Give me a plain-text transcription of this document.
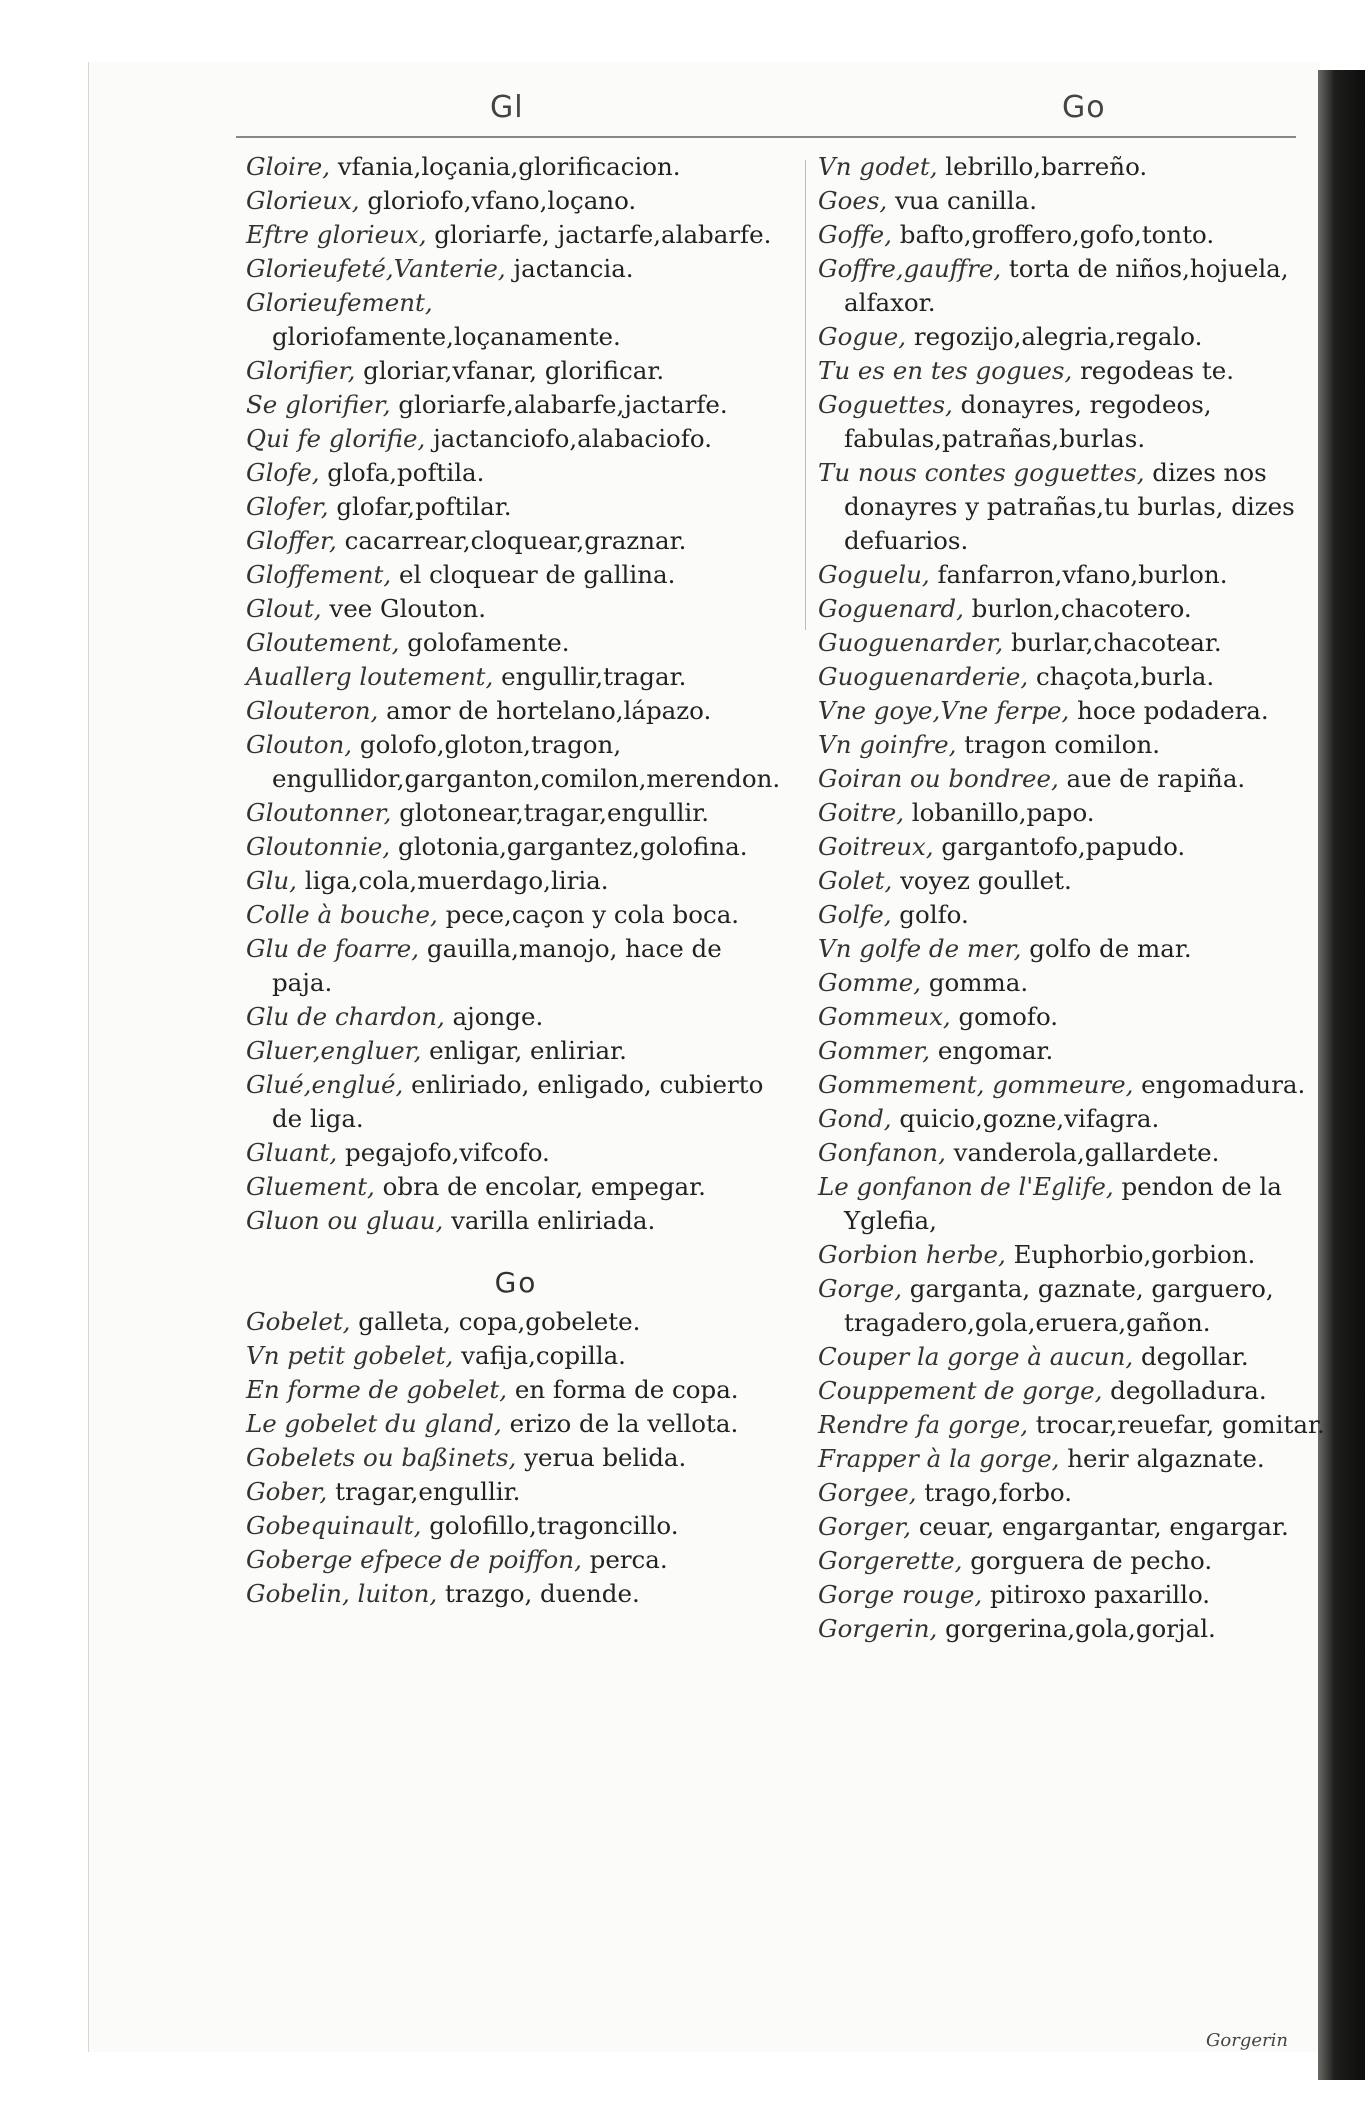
Gl	Go

Gloire, vfania,loçania,glorificacion.

Glorieux, gloriofo,vfano,loçano.

Eftre glorieux, gloriarfe, jactarfe,alabarfe.

Glorieufeté,Vanterie, jactancia.

Glorieufement, gloriofamente,loçanamente.

Glorifier, gloriar,vfanar, glorificar.

Se glorifier, gloriarfe,alabarfe,jactarfe.

Qui fe glorifie, jactanciofo,alabaciofo.

Glofe, glofa,poftila.

Glofer, glofar,poftilar.

Gloffer, cacarrear,cloquear,graznar.

Gloffement, el cloquear de gallina.

Glout, vee Glouton.

Gloutement, golofamente.

Auallerg loutement, engullir,tragar.

Glouteron, amor de hortelano,lápazo.

Glouton, golofo,gloton,tragon, engullidor,garganton,comilon,merendon.

Gloutonner, glotonear,tragar,engullir.

Gloutonnie, glotonia,gargantez,golofina.

Glu, liga,cola,muerdago,liria.

Colle à bouche, pece,caçon y cola boca.

Glu de foarre, gauilla,manojo, hace de paja.

Glu de chardon, ajonge.

Gluer,engluer, enligar, enliriar.

Glué,englué, enliriado, enligado, cubierto de liga.

Gluant, pegajofo,vifcofo.

Gluement, obra de encolar, empegar.

Gluon ou gluau, varilla enliriada.

Go

Gobelet, galleta, copa,gobelete.

Vn petit gobelet, vafija,copilla.

En forme de gobelet, en forma de copa.

Le gobelet du gland, erizo de la vellota.

Gobelets ou baßinets, yerua belida.

Gober, tragar,engullir.

Gobequinault, golofillo,tragoncillo.

Goberge efpece de poiffon, perca.

Gobelin, luiton, trazgo, duende.

Vn godet, lebrillo,barreño.

Goes, vua canilla.

Goffe, bafto,groffero,gofo,tonto.

Goffre,gauffre, torta de niños,hojuela, alfaxor.

Gogue, regozijo,alegria,regalo.

Tu es en tes gogues, regodeas te.

Goguettes, donayres, regodeos, fabulas,patrañas,burlas.

Tu nous contes goguettes, dizes nos donayres y patrañas,tu burlas, dizes defuarios.

Goguelu, fanfarron,vfano,burlon.

Goguenard, burlon,chacotero.

Guoguenarder, burlar,chacotear.

Guoguenarderie, chaçota,burla.

Vne goye,Vne ferpe, hoce podadera.

Vn goinfre, tragon comilon.

Goiran ou bondree, aue de rapiña.

Goitre, lobanillo,papo.

Goitreux, gargantofo,papudo.

Golet, voyez goullet.

Golfe, golfo.

Vn golfe de mer, golfo de mar.

Gomme, gomma.

Gommeux, gomofo.

Gommer, engomar.

Gommement, gommeure, engomadura.

Gond, quicio,gozne,vifagra.

Gonfanon, vanderola,gallardete.

Le gonfanon de l'Eglife, pendon de la Yglefia,

Gorbion herbe, Euphorbio,gorbion.

Gorge, garganta, gaznate, garguero, tragadero,gola,eruera,gañon.

Couper la gorge à aucun, degollar.

Couppement de gorge, degolladura.

Rendre fa gorge, trocar,reuefar, gomitar.

Frapper à la gorge, herir algaznate.

Gorgee, trago,forbo.

Gorger, ceuar, engargantar, engargar.

Gorgerette, gorguera de pecho.

Gorge rouge, pitiroxo paxarillo.

Gorgerin, gorgerina,gola,gorjal.

Gorgerin
